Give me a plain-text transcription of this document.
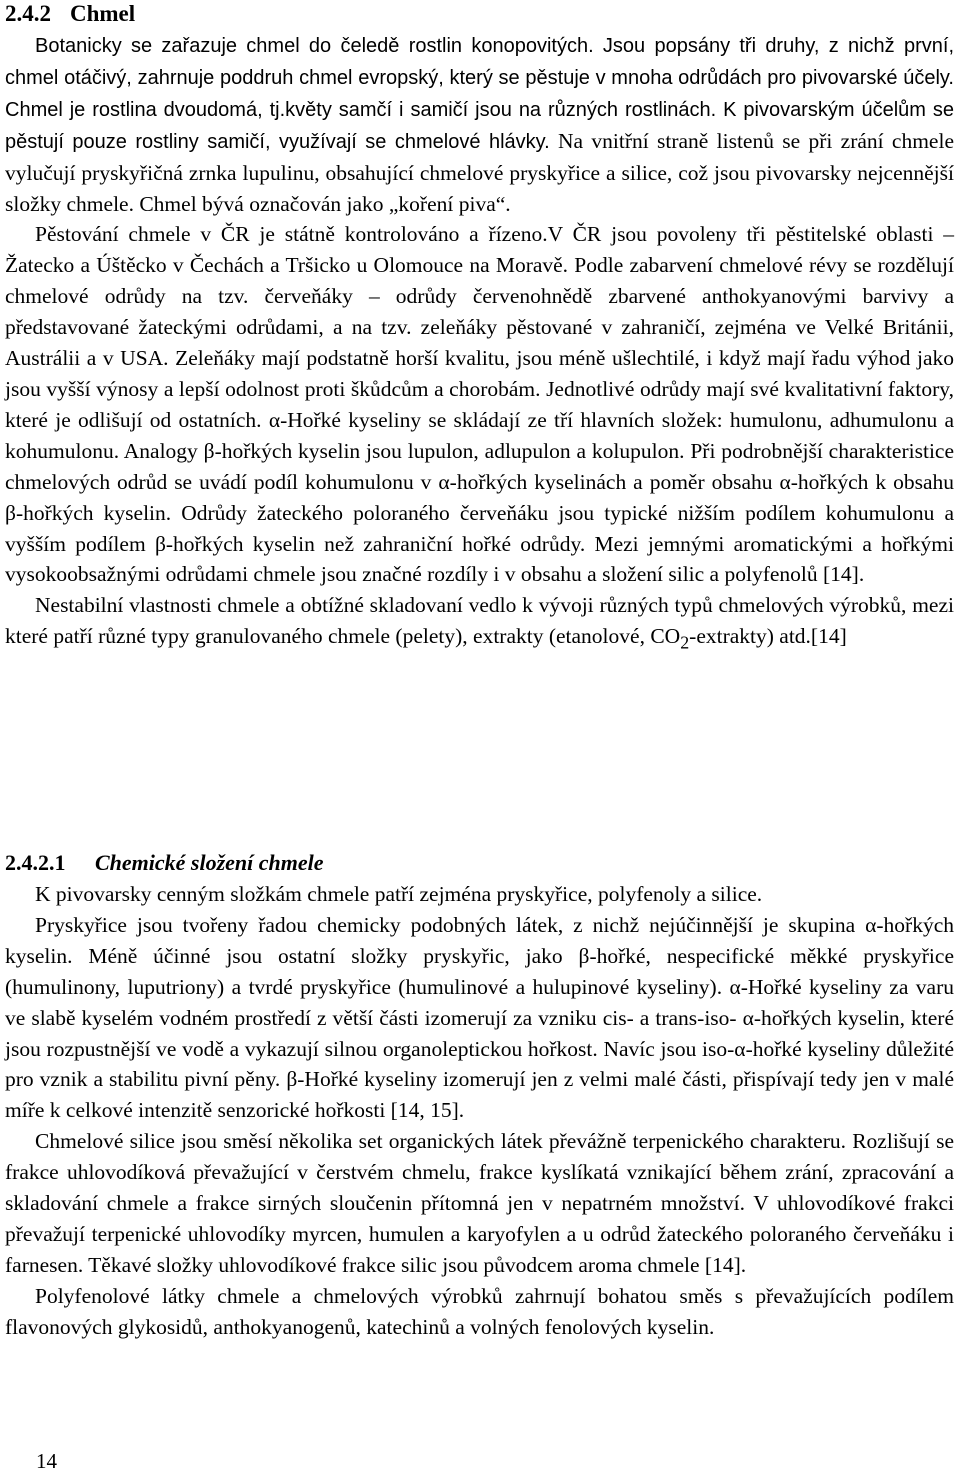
2.4.2 Chmel

Botanicky se zařazuje chmel do čeledě rostlin konopovitých. Jsou popsány tři druhy, z nichž první, chmel otáčivý, zahrnuje poddruh chmel evropský, který se pěstuje v mnoha odrůdách pro pivovarské účely. Chmel je rostlina dvoudomá, tj.květy samčí i samičí jsou na různých rostlinách. K pivovarským účelům se pěstují pouze rostliny samičí, využívají se chmelové hlávky. Na vnitřní straně listenů se při zrání chmele vylučují pryskyřičná zrnka lupulinu, obsahující chmelové pryskyřice a silice, což jsou pivovarsky nejcennější složky chmele. Chmel bývá označován jako „koření piva“.

Pěstování chmele v ČR je státně kontrolováno a řízeno.V ČR jsou povoleny tři pěstitelské oblasti – Žatecko a Úštěcko v Čechách a Tršicko u Olomouce na Moravě. Podle zabarvení chmelové révy se rozdělují chmelové odrůdy na tzv. červeňáky – odrůdy červenohnědě zbarvené anthokyanovými barvivy a představované žateckými odrůdami, a na tzv. zeleňáky pěstované v zahraničí, zejména ve Velké Británii, Austrálii a v USA. Zeleňáky mají podstatně horší kvalitu, jsou méně ušlechtilé, i když mají řadu výhod jako jsou vyšší výnosy a lepší odolnost proti škůdcům a chorobám. Jednotlivé odrůdy mají své kvalitativní faktory, které je odlišují od ostatních. α-Hořké kyseliny se skládají ze tří hlavních složek: humulonu, adhumulonu a kohumulonu. Analogy β-hořkých kyselin jsou lupulon, adlupulon a kolupulon. Při podrobnější charakteristice chmelových odrůd se uvádí podíl kohumulonu v α-hořkých kyselinách a poměr obsahu α-hořkých k obsahu β-hořkých kyselin. Odrůdy žateckého poloraného červeňáku jsou typické nižším podílem kohumulonu a vyšším podílem β-hořkých kyselin než zahraniční hořké odrůdy. Mezi jemnými aromatickými a hořkými vysokoobsažnými odrůdami chmele jsou značné rozdíly i v obsahu a složení silic a polyfenolů [14].

Nestabilní vlastnosti chmele a obtížné skladovaní vedlo k vývoji různých typů chmelových výrobků, mezi které patří různé typy granulovaného chmele (pelety), extrakty (etanolové, $CO_2-extrakty$) atd.[14]

2.4.2.1 Chemické složení chmele

K pivovarsky cenným složkám chmele patří zejména pryskyřice, polyfenoly a silice.

Pryskyřice jsou tvořeny řadou chemicky podobných látek, z nichž nejúčinnější je skupina α-hořkých kyselin. Méně účinné jsou ostatní složky pryskyřic, jako β-hořké, nespecifické měkké pryskyřice (humulinony, luputriony) a tvrdé pryskyřice (humulinové a hulupinové kyseliny). α-Hořké kyseliny za varu ve slabě kyselém vodném prostředí z větší části izomerují za vzniku cis- a trans-iso- α-hořkých kyselin, které jsou rozpustnější ve vodě a vykazují silnou organoleptickou hořkost. Navíc jsou iso-α-hořké kyseliny důležité pro vznik a stabilitu pivní pěny. β-Hořké kyseliny izomerují jen z velmi malé části, přispívají tedy jen v malé míře k celkové intenzitě senzorické hořkosti [14, 15].

Chmelové silice jsou směsí několika set organických látek převážně terpenického charakteru. Rozlišují se frakce uhlovodíková převažující v čerstvém chmelu, frakce kyslíkatá vznikající během zrání, zpracování a skladování chmele a frakce sirných sloučenin přítomná jen v nepatrném množství. V uhlovodíkové frakci převažují terpenické uhlovodíky myrcen, humulen a karyofylen a u odrůd žateckého poloraného červeňáku i farnesen. Těkavé složky uhlovodíkové frakce silic jsou původcem aroma chmele [14].

Polyfenolové látky chmele a chmelových výrobků zahrnují bohatou směs s převažujících podílem flavonových glykosidů, anthokyanogenů, katechinů a volných fenolových kyselin.

14
